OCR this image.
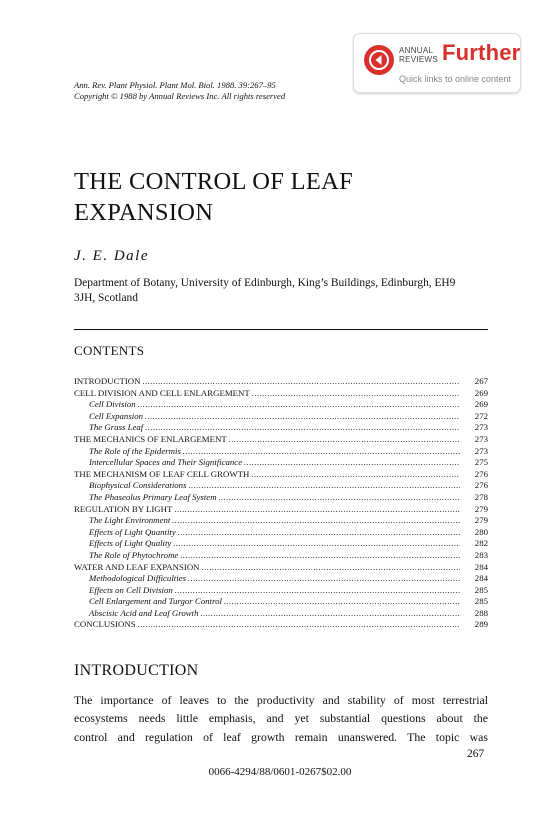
ANNUAL
REVIEWS Further
Quick links to online content
Ann. Rev. Plant Physiol. Plant Mol. Biol. 1988. 39:267–95
Copyright © 1988 by Annual Reviews Inc. All rights reserved
THE CONTROL OF LEAF
EXPANSION
J. E. Dale
Department of Botany, University of Edinburgh, King’s Buildings, Edinburgh, EH9
3JH, Scotland
CONTENTS
INTRODUCTION .....	267
CELL DIVISION AND CELL ENLARGEMENT .....	269
Cell Division .....	269
Cell Expansion .....	272
The Grass Leaf .....	273
THE MECHANICS OF ENLARGEMENT .....	273
The Role of the Epidermis .....	273
Intercellular Spaces and Their Significance .....	275
THE MECHANISM OF LEAF CELL GROWTH .....	276
Biophysical Considerations .....	276
The Phaseolus Primary Leaf System .....	278
REGULATION BY LIGHT .....	279
The Light Environment .....	279
Effects of Light Quantity .....	280
Effects of Light Quality .....	282
The Role of Phytochrome .....	283
WATER AND LEAF EXPANSION .....	284
Methodological Difficulties .....	284
Effects on Cell Division .....	285
Cell Enlargement and Turgor Control .....	285
Abscisic Acid and Leaf Growth .....	288
CONCLUSIONS .....	289
INTRODUCTION
The importance of leaves to the productivity and stability of most terrestrial
ecosystems needs little emphasis, and yet substantial questions about the
control and regulation of leaf growth remain unanswered. The topic was
267
0066-4294/88/0601-0267$02.00
